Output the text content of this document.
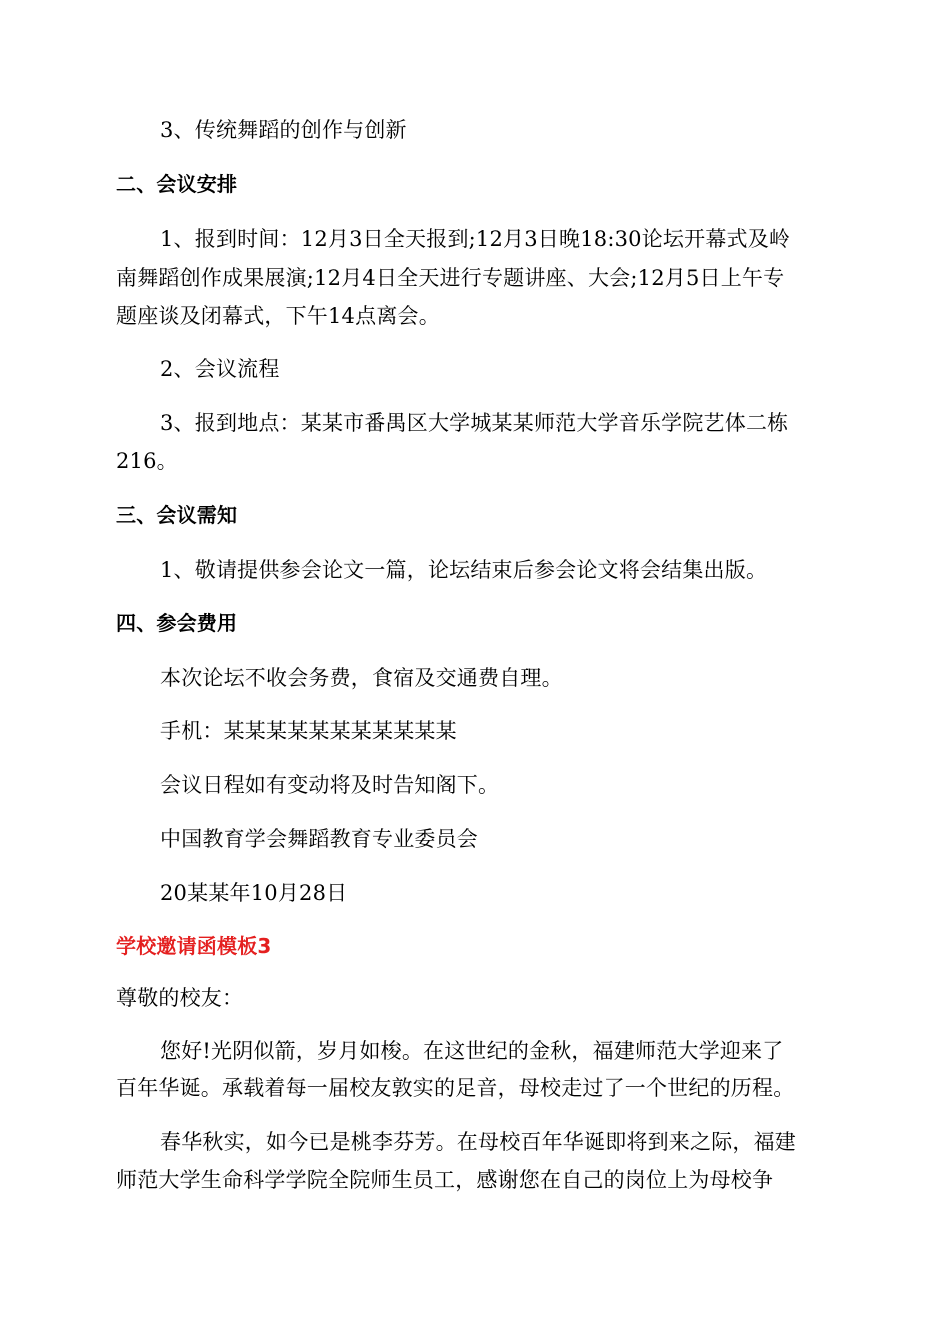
3、传统舞蹈的创作与创新
二、会议安排
1、报到时间：12月3日全天报到;12月3日晚18:30论坛开幕式及岭
南舞蹈创作成果展演;12月4日全天进行专题讲座、大会;12月5日上午专
题座谈及闭幕式，下午14点离会。
2、会议流程
3、报到地点：某某市番禺区大学城某某师范大学音乐学院艺体二栋
216。
三、会议需知
1、敬请提供参会论文一篇，论坛结束后参会论文将会结集出版。
四、参会费用
本次论坛不收会务费，食宿及交通费自理。
手机：某某某某某某某某某某某
会议日程如有变动将及时告知阁下。
中国教育学会舞蹈教育专业委员会
20某某年10月28日
学校邀请函模板3
尊敬的校友：
您好!光阴似箭，岁月如梭。在这世纪的金秋，福建师范大学迎来了
百年华诞。承载着每一届校友敦实的足音，母校走过了一个世纪的历程。
春华秋实，如今已是桃李芬芳。在母校百年华诞即将到来之际，福建
师范大学生命科学学院全院师生员工，感谢您在自己的岗位上为母校争
